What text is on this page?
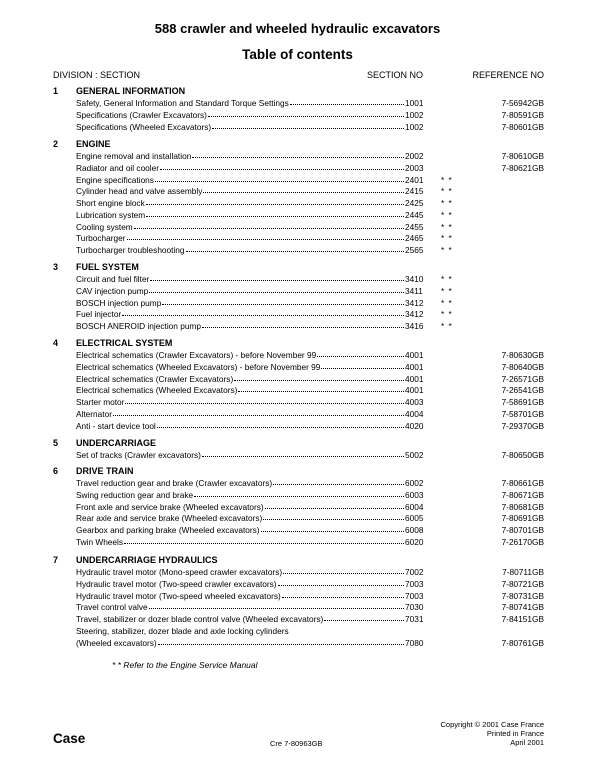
588 crawler and wheeled hydraulic excavators
Table of contents
DIVISION : SECTION	SECTION NO	REFERENCE NO
1 GENERAL INFORMATION
Safety, General Information and Standard Torque Settings	1001	7-56942GB
Specifications (Crawler Excavators)	1002	7-80591GB
Specifications (Wheeled Excavators)	1002	7-80601GB
2 ENGINE
Engine removal and installation	2002	7-80610GB
Radiator and oil cooler	2003	7-80621GB
Engine specifications	2401 * *
Cylinder head and valve assembly	2415 * *
Short engine block	2425 * *
Lubrication system	2445 * *
Cooling system	2455 * *
Turbocharger	2465 * *
Turbocharger troubleshooting	2565 * *
3 FUEL SYSTEM
Circuit and fuel filter	3410 * *
CAV injection pump	3411 * *
BOSCH injection pump	3412 * *
Fuel injector	3412 * *
BOSCH ANEROID injection pump	3416 * *
4 ELECTRICAL SYSTEM
Electrical schematics (Crawler Excavators) - before November 99	4001	7-80630GB
Electrical schematics (Wheeled Excavators) - before November 99	4001	7-80640GB
Electrical schematics (Crawler Excavators)	4001	7-26571GB
Electrical schematics (Wheeled Excavators)	4001	7-26541GB
Starter motor	4003	7-58691GB
Alternator	4004	7-58701GB
Anti - start device tool	4020	7-29370GB
5 UNDERCARRIAGE
Set of tracks (Crawler excavators)	5002	7-80650GB
6 DRIVE TRAIN
Travel reduction gear and brake (Crawler excavators)	6002	7-80661GB
Swing reduction gear and brake	6003	7-80671GB
Front axle and service brake (Wheeled excavators)	6004	7-80681GB
Rear axle and service brake (Wheeled excavators)	6005	7-80691GB
Gearbox and parking brake (Wheeled excavators)	6008	7-80701GB
Twin Wheels	6020	7-26170GB
7 UNDERCARRIAGE HYDRAULICS
Hydraulic travel motor (Mono-speed crawler excavators)	7002	7-80711GB
Hydraulic travel motor (Two-speed crawler excavators)	7003	7-80721GB
Hydraulic travel motor (Two-speed wheeled excavators)	7003	7-80731GB
Travel control valve	7030	7-80741GB
Travel, stabilizer or dozer blade control valve (Wheeled excavators)	7031	7-84151GB
Steering, stabilizer, dozer blade and axle locking cylinders
(Wheeled excavators)	7080	7-80761GB
* * Refer to the Engine Service Manual
Copyright © 2001 Case France
Printed in France
April 2001
Case	Cre 7-80963GB
